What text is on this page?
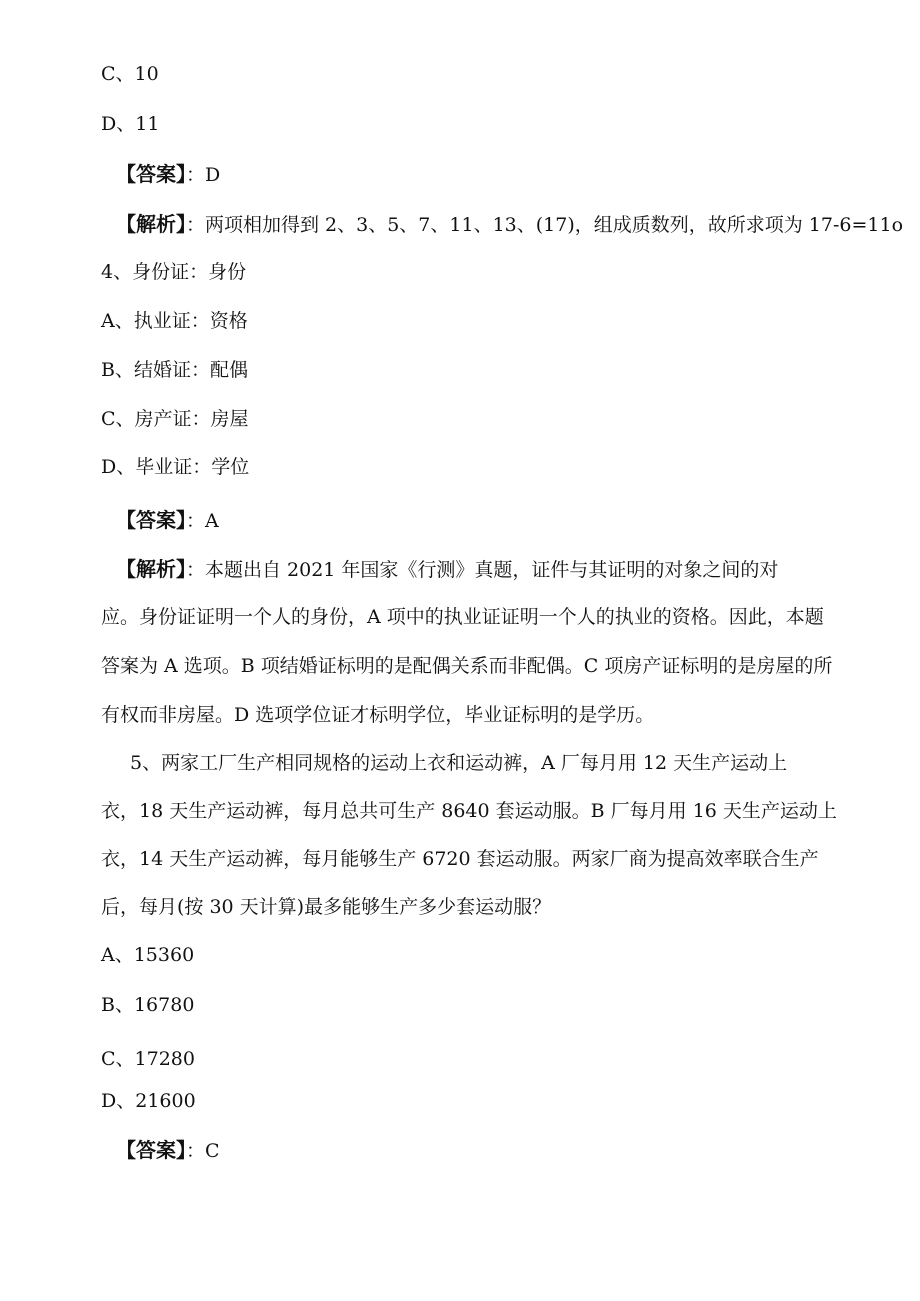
C、10
D、11
【答案】：D
【解析】：两项相加得到 2、3、5、7、11、13、(17)，组成质数列，故所求项为 17-6=11o
4、身份证：身份
A、执业证：资格
B、结婚证：配偶
C、房产证：房屋
D、毕业证：学位
【答案】：A
【解析】：本题出自 2021 年国家《行测》真题，证件与其证明的对象之间的对
应。身份证证明一个人的身份，A 项中的执业证证明一个人的执业的资格。因此，本题
答案为 A 选项。B 项结婚证标明的是配偶关系而非配偶。C 项房产证标明的是房屋的所
有权而非房屋。D 选项学位证才标明学位，毕业证标明的是学历。
5、两家工厂生产相同规格的运动上衣和运动裤，A 厂每月用 12 天生产运动上
衣，18 天生产运动裤，每月总共可生产 8640 套运动服。B 厂每月用 16 天生产运动上
衣，14 天生产运动裤，每月能够生产 6720 套运动服。两家厂商为提高效率联合生产
后，每月(按 30 天计算)最多能够生产多少套运动服？
A、15360
B、16780
C、17280
D、21600
【答案】：C
